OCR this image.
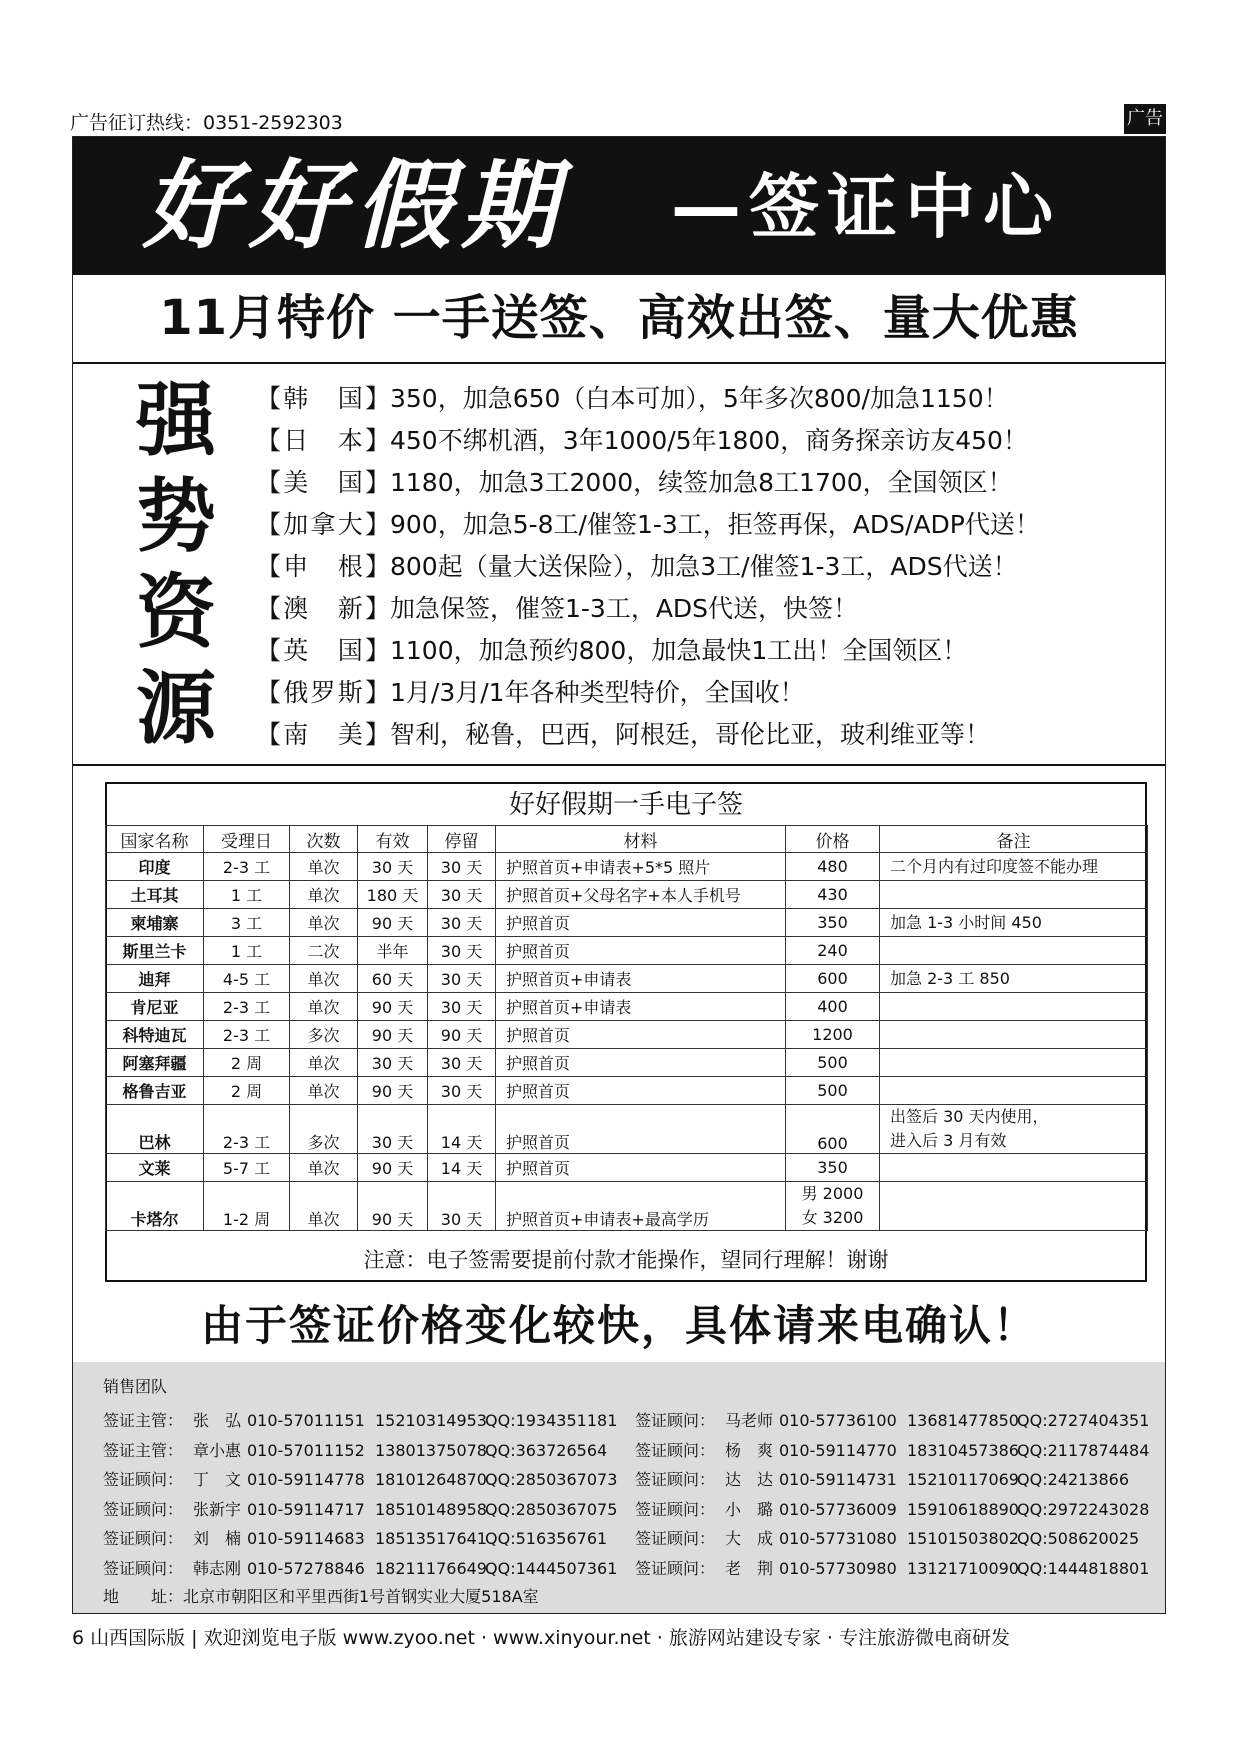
广告征订热线：0351-2592303	广告
好好假期 —签证中心
11月特价 一手送签、高效出签、量大优惠
强
势
资
源
【韩　国】350，加急650（白本可加），5年多次800/加急1150！
【日　本】450不绑机酒，3年1000/5年1800，商务探亲访友450！
【美　国】1180，加急3工2000，续签加急8工1700，全国领区！
【加拿大】900，加急5-8工/催签1-3工，拒签再保，ADS/ADP代送！
【申　根】800起（量大送保险），加急3工/催签1-3工，ADS代送！
【澳　新】加急保签，催签1-3工，ADS代送，快签！
【英　国】1100，加急预约800，加急最快1工出！全国领区！
【俄罗斯】1月/3月/1年各种类型特价，全国收！
【南　美】智利，秘鲁，巴西，阿根廷，哥伦比亚，玻利维亚等！
好好假期一手电子签
国家名称	受理日	次数	有效	停留	材料	价格	备注
印度	2-3 工	单次	30 天	30 天	护照首页+申请表+5*5 照片	480	二个月内有过印度签不能办理
土耳其	1 工	单次	180 天	30 天	护照首页+父母名字+本人手机号	430	
柬埔寨	3 工	单次	90 天	30 天	护照首页	350	加急 1-3 小时间 450
斯里兰卡	1 工	二次	半年	30 天	护照首页	240	
迪拜	4-5 工	单次	60 天	30 天	护照首页+申请表	600	加急 2-3 工 850
肯尼亚	2-3 工	单次	90 天	30 天	护照首页+申请表	400	
科特迪瓦	2-3 工	多次	90 天	90 天	护照首页	1200	
阿塞拜疆	2 周	单次	30 天	30 天	护照首页	500	
格鲁吉亚	2 周	单次	90 天	30 天	护照首页	500	
巴林	2-3 工	多次	30 天	14 天	护照首页	600	出签后 30 天内使用，
进入后 3 月有效

文莱	5-7 工	单次	90 天	14 天	护照首页	350	
卡塔尔	1-2 周	单次	90 天	30 天	护照首页+申请表+最高学历	男 2000
女 3200	

注意：电子签需要提前付款才能操作，望同行理解！谢谢
由于签证价格变化较快，具体请来电确认！
销售团队
签证主管： 张　弘 010-57011151 15210314953QQ:1934351181
签证主管： 章小惠 010-57011152 13801375078QQ:363726564
签证顾问： 丁　文 010-59114778 18101264870QQ:2850367073
签证顾问： 张新宇 010-59114717 18510148958QQ:2850367075
签证顾问： 刘　楠 010-59114683 18513517641QQ:516356761
签证顾问： 韩志刚 010-57278846 18211176649QQ:1444507361
签证顾问： 马老师 010-57736100 13681477850QQ:2727404351
签证顾问： 杨　爽 010-59114770 18310457386QQ:2117874484
签证顾问： 达　达 010-59114731 15210117069QQ:24213866
签证顾问： 小　璐 010-57736009 15910618890QQ:2972243028
签证顾问： 大　成 010-57731080 15101503802QQ:508620025
签证顾问： 老　荆 010-57730980 13121710090QQ:1444818801
地　　址：北京市朝阳区和平里西街1号首钢实业大厦518A室
6 山西国际版 | 欢迎浏览电子版 www.zyoo.net · www.xinyour.net · 旅游网站建设专家 · 专注旅游微电商研发
